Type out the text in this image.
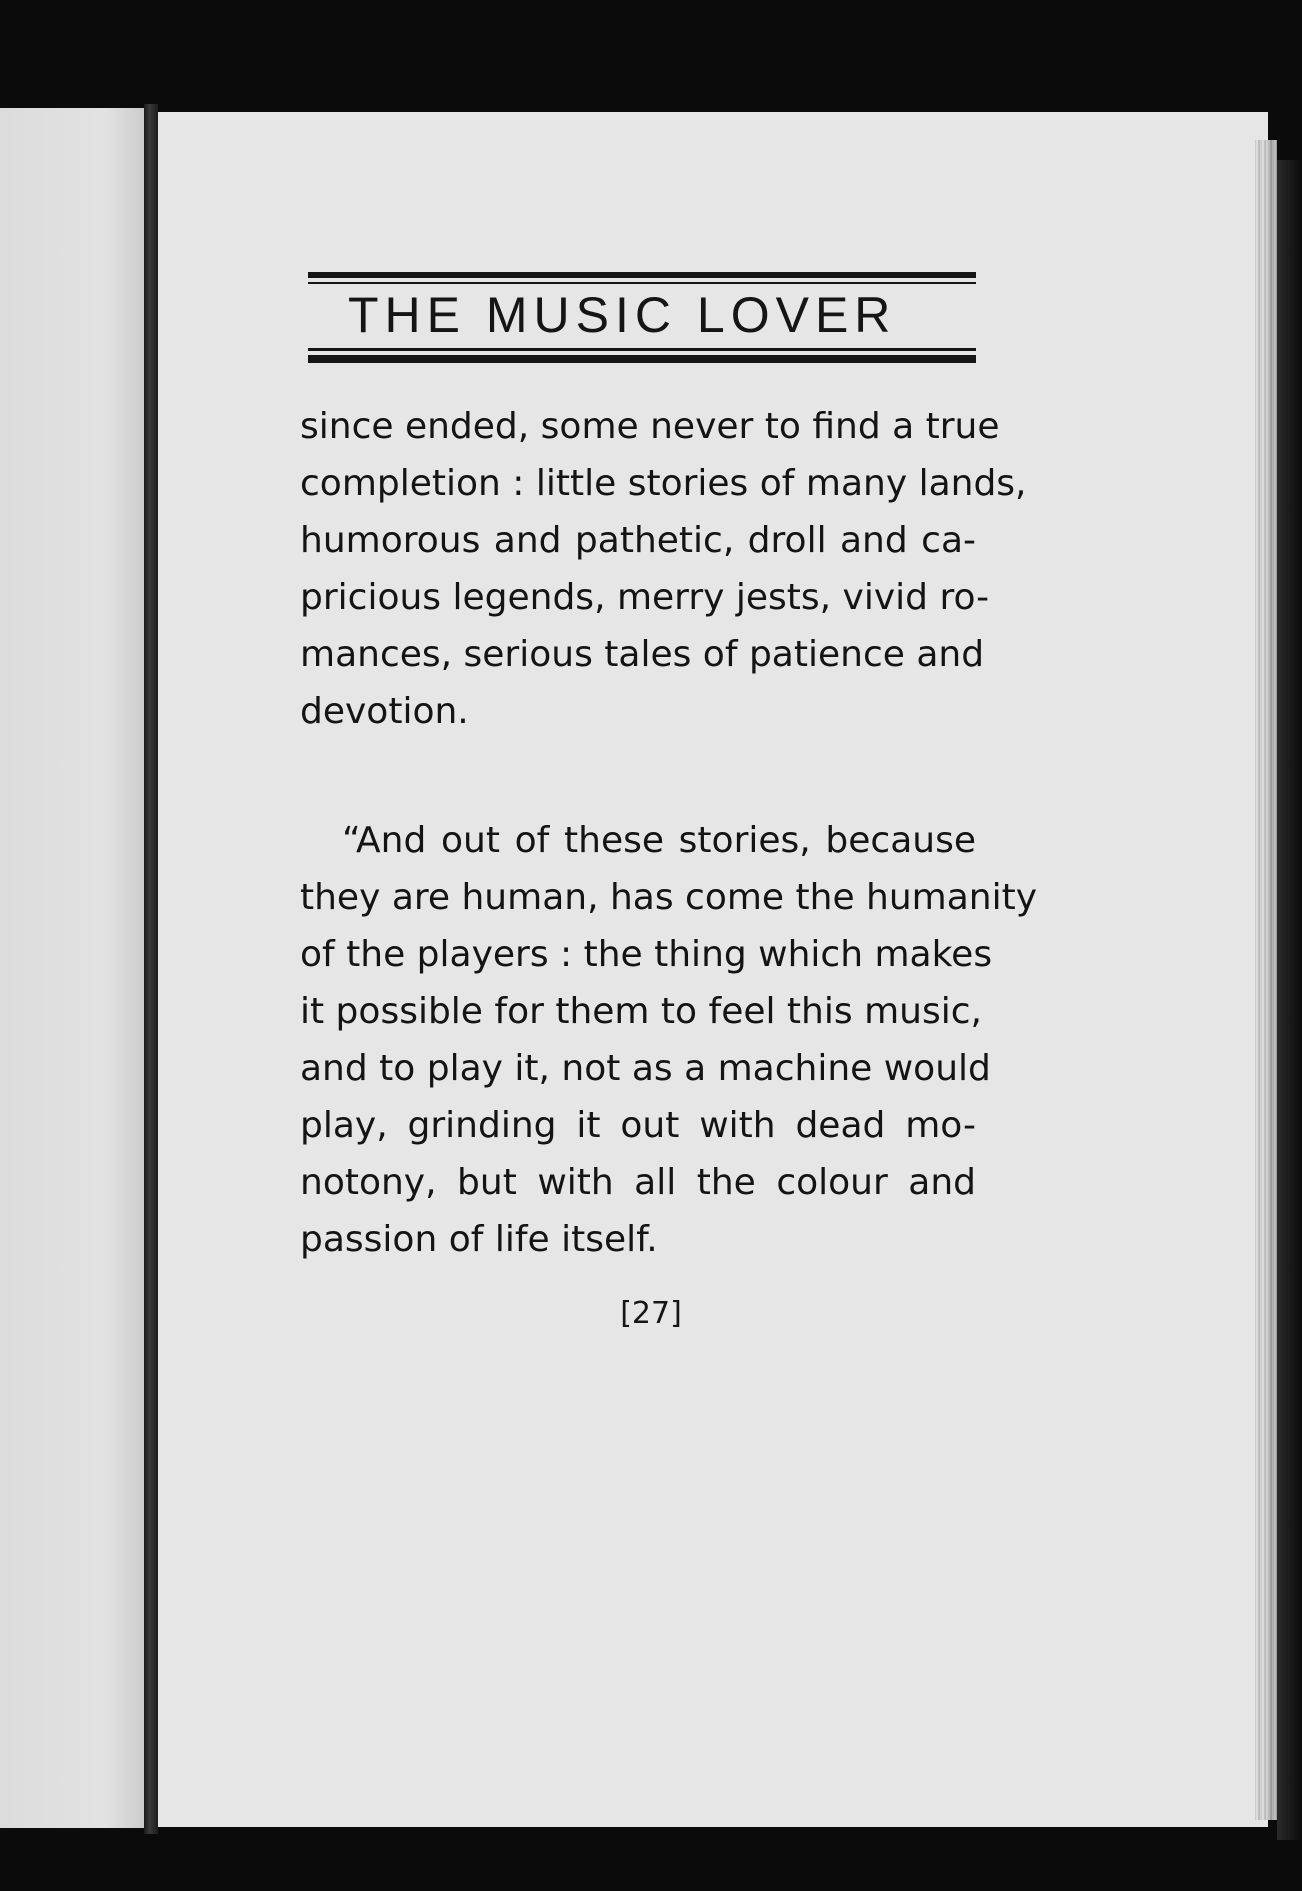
THE MUSIC LOVER
since ended, some never to find a true
completion : little stories of many lands,
humorous and pathetic, droll and ca-
pricious legends, merry jests, vivid ro-
mances, serious tales of patience and
devotion.
“And out of these stories, because
they are human, has come the humanity
of the players : the thing which makes
it possible for them to feel this music,
and to play it, not as a machine would
play, grinding it out with dead mo-
notony, but with all the colour and
passion of life itself.
[27]
